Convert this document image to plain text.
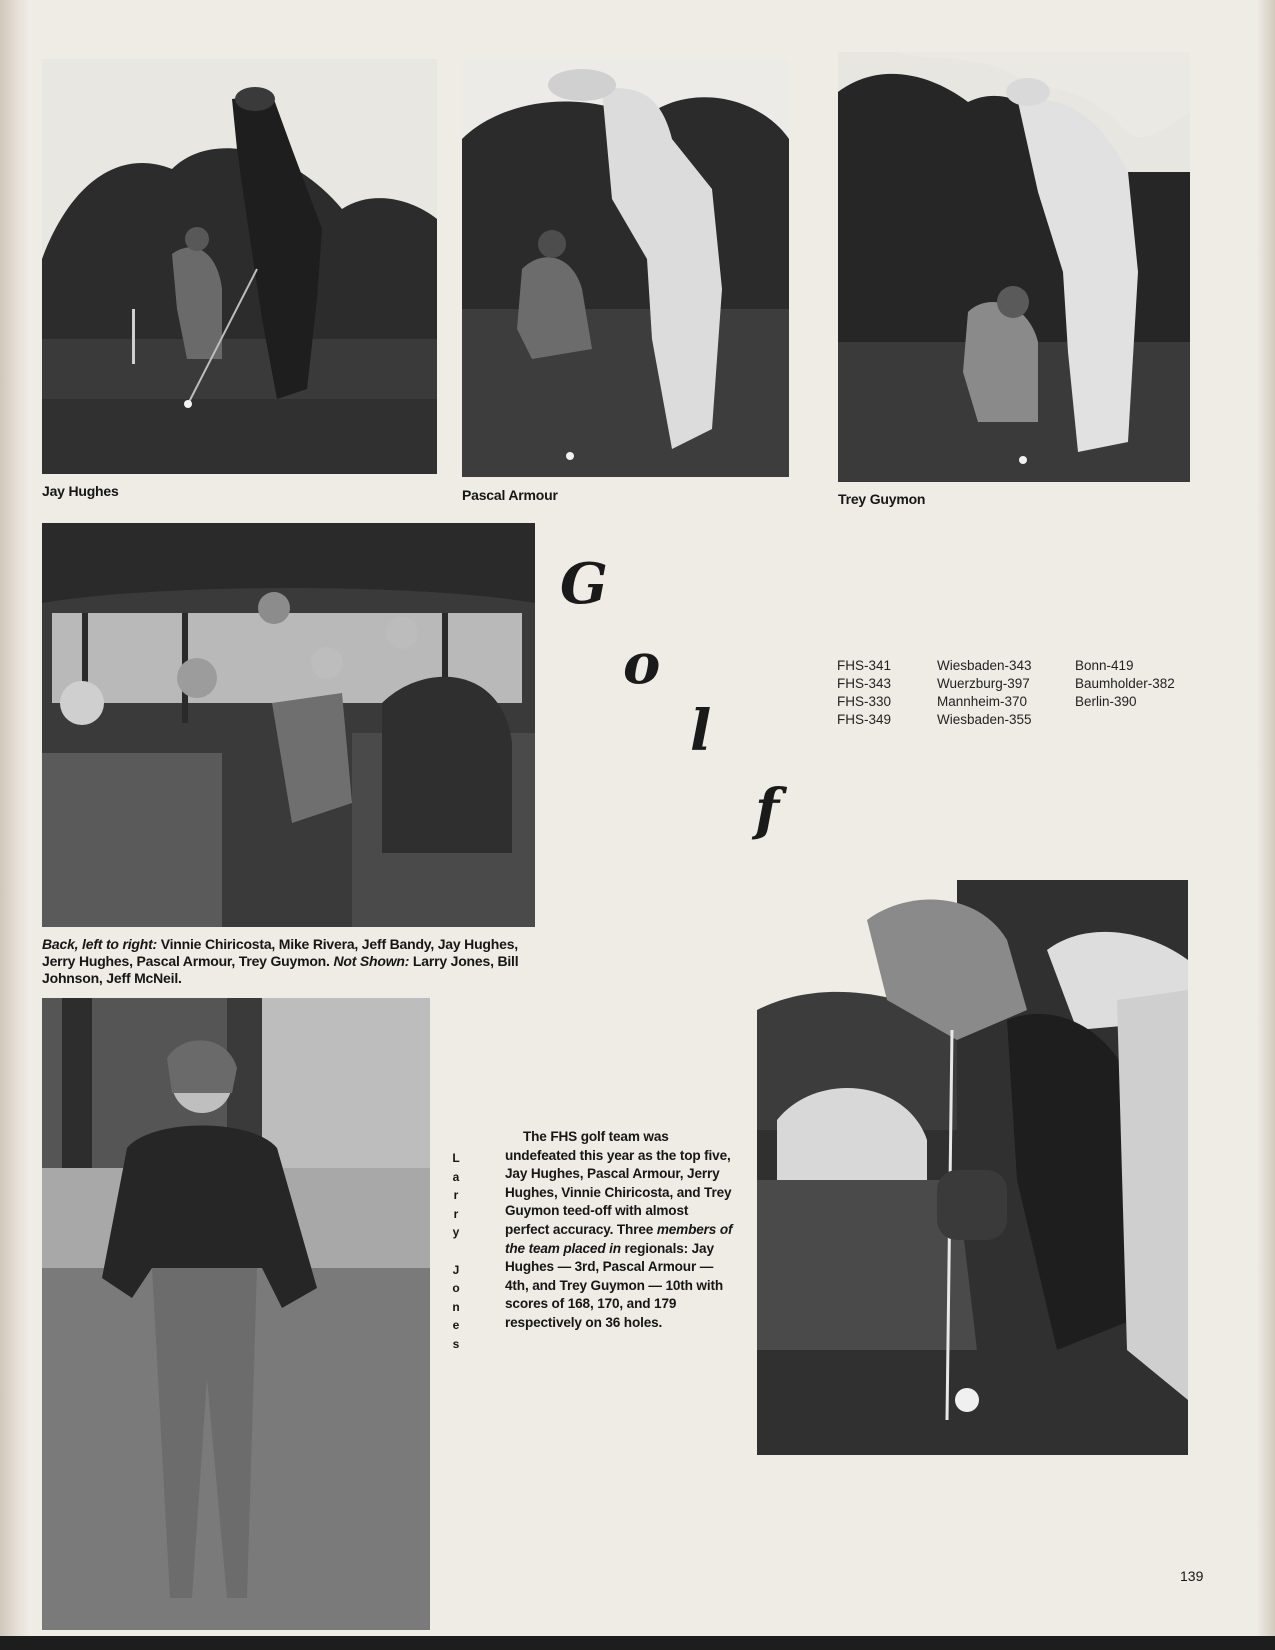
Jay Hughes	Pascal Armour	Trey Guymon
Back, left to right: Vinnie Chiricosta, Mike Rivera, Jeff Bandy, Jay Hughes, Jerry Hughes, Pascal Armour, Trey Guymon. Not Shown: Larry Jones, Bill Johnson, Jeff McNeil.
G
o
l
f
FHS-341
FHS-343
FHS-330
FHS-349
Wiesbaden-343
Wuerzburg-397
Mannheim-370
Wiesbaden-355
Bonn-419
Baumholder-382
Berlin-390
L
a
r
r
y

J
o
n
e
s

The FHS golf team was undefeated this year as the top five, Jay Hughes, Pascal Armour, Jerry Hughes, Vinnie Chiricosta, and Trey Guymon teed-off with almost perfect accuracy. Three members of the team placed in regionals: Jay Hughes — 3rd, Pascal Armour — 4th, and Trey Guymon — 10th with scores of 168, 170, and 179 respectively on 36 holes.

139
